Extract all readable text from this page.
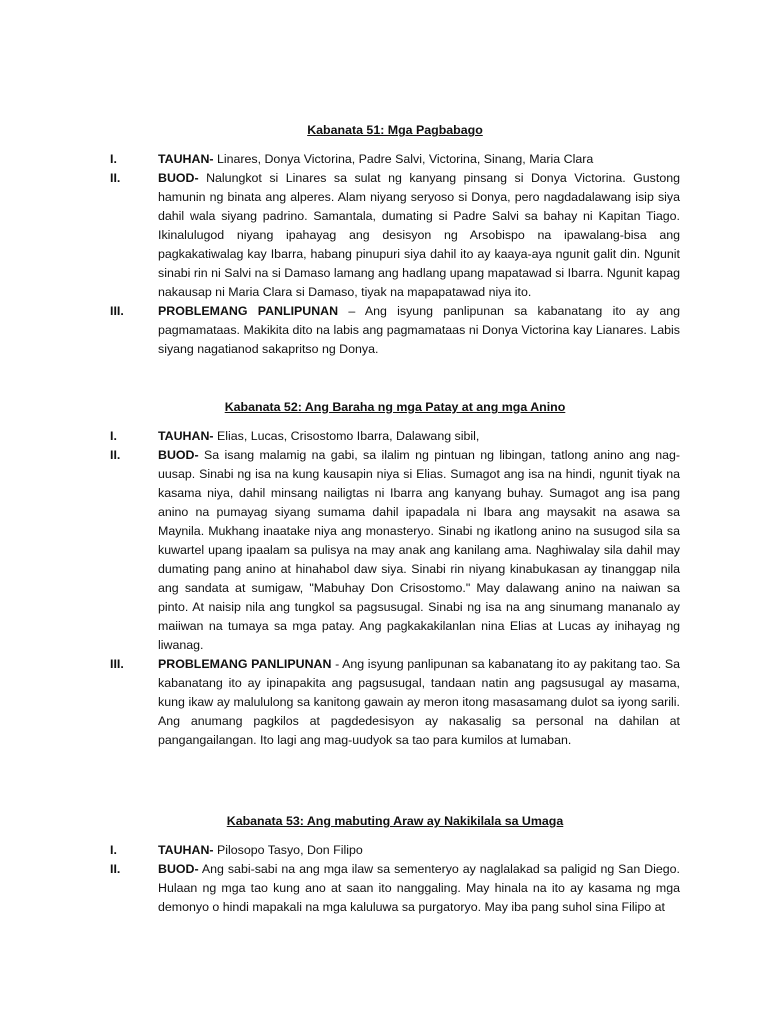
Kabanata 51: Mga Pagbabago
I.	TAUHAN- Linares, Donya Victorina, Padre Salvi, Victorina, Sinang, Maria Clara
II.	BUOD- Nalungkot si Linares sa sulat ng kanyang pinsang si Donya Victorina. Gustong hamunin ng binata ang alperes. Alam niyang seryoso si Donya, pero nagdadalawang isip siya dahil wala siyang padrino. Samantala, dumating si Padre Salvi sa bahay ni Kapitan Tiago. Ikinalulugod niyang ipahayag ang desisyon ng Arsobispo na ipawalang-bisa ang pagkakatiwalag kay Ibarra, habang pinupuri siya dahil ito ay kaaya-aya ngunit galit din. Ngunit sinabi rin ni Salvi na si Damaso lamang ang hadlang upang mapatawad si Ibarra. Ngunit kapag nakausap ni Maria Clara si Damaso, tiyak na mapapatawad niya ito.
III.	PROBLEMANG PANLIPUNAN – Ang isyung panlipunan sa kabanatang ito ay ang pagmamataas. Makikita dito na labis ang pagmamataas ni Donya Victorina kay Lianares. Labis siyang nagatianod sakapritso ng Donya.
Kabanata 52: Ang Baraha ng mga Patay at ang mga Anino
I.	TAUHAN- Elias, Lucas, Crisostomo Ibarra, Dalawang sibil,
II.	BUOD- Sa isang malamig na gabi, sa ilalim ng pintuan ng libingan, tatlong anino ang nag-uusap. Sinabi ng isa na kung kausapin niya si Elias. Sumagot ang isa na hindi, ngunit tiyak na kasama niya, dahil minsang nailigtas ni Ibarra ang kanyang buhay. Sumagot ang isa pang anino na pumayag siyang sumama dahil ipapadala ni Ibara ang maysakit na asawa sa Maynila. Mukhang inaatake niya ang monasteryo. Sinabi ng ikatlong anino na susugod sila sa kuwartel upang ipaalam sa pulisya na may anak ang kanilang ama. Naghiwalay sila dahil may dumating pang anino at hinahabol daw siya. Sinabi rin niyang kinabukasan ay tinanggap nila ang sandata at sumigaw, "Mabuhay Don Crisostomo." May dalawang anino na naiwan sa pinto. At naisip nila ang tungkol sa pagsusugal. Sinabi ng isa na ang sinumang mananalo ay maiiwan na tumaya sa mga patay. Ang pagkakakilanlan nina Elias at Lucas ay inihayag ng liwanag.
III.	PROBLEMANG PANLIPUNAN - Ang isyung panlipunan sa kabanatang ito ay pakitang tao. Sa kabanatang ito ay ipinapakita ang pagsusugal, tandaan natin ang pagsusugal ay masama, kung ikaw ay malululong sa kanitong gawain ay meron itong masasamang dulot sa iyong sarili. Ang anumang pagkilos at pagdedesisyon ay nakasalig sa personal na dahilan at pangangailangan. Ito lagi ang mag-uudyok sa tao para kumilos at lumaban.
Kabanata 53: Ang mabuting Araw ay Nakikilala sa Umaga
I.	TAUHAN- Pilosopo Tasyo, Don Filipo
II.	BUOD- Ang sabi-sabi na ang mga ilaw sa sementeryo ay naglalakad sa paligid ng San Diego. Hulaan ng mga tao kung ano at saan ito nanggaling. May hinala na ito ay kasama ng mga demonyo o hindi mapakali na mga kaluluwa sa purgatoryo. May iba pang suhol sina Filipo at
